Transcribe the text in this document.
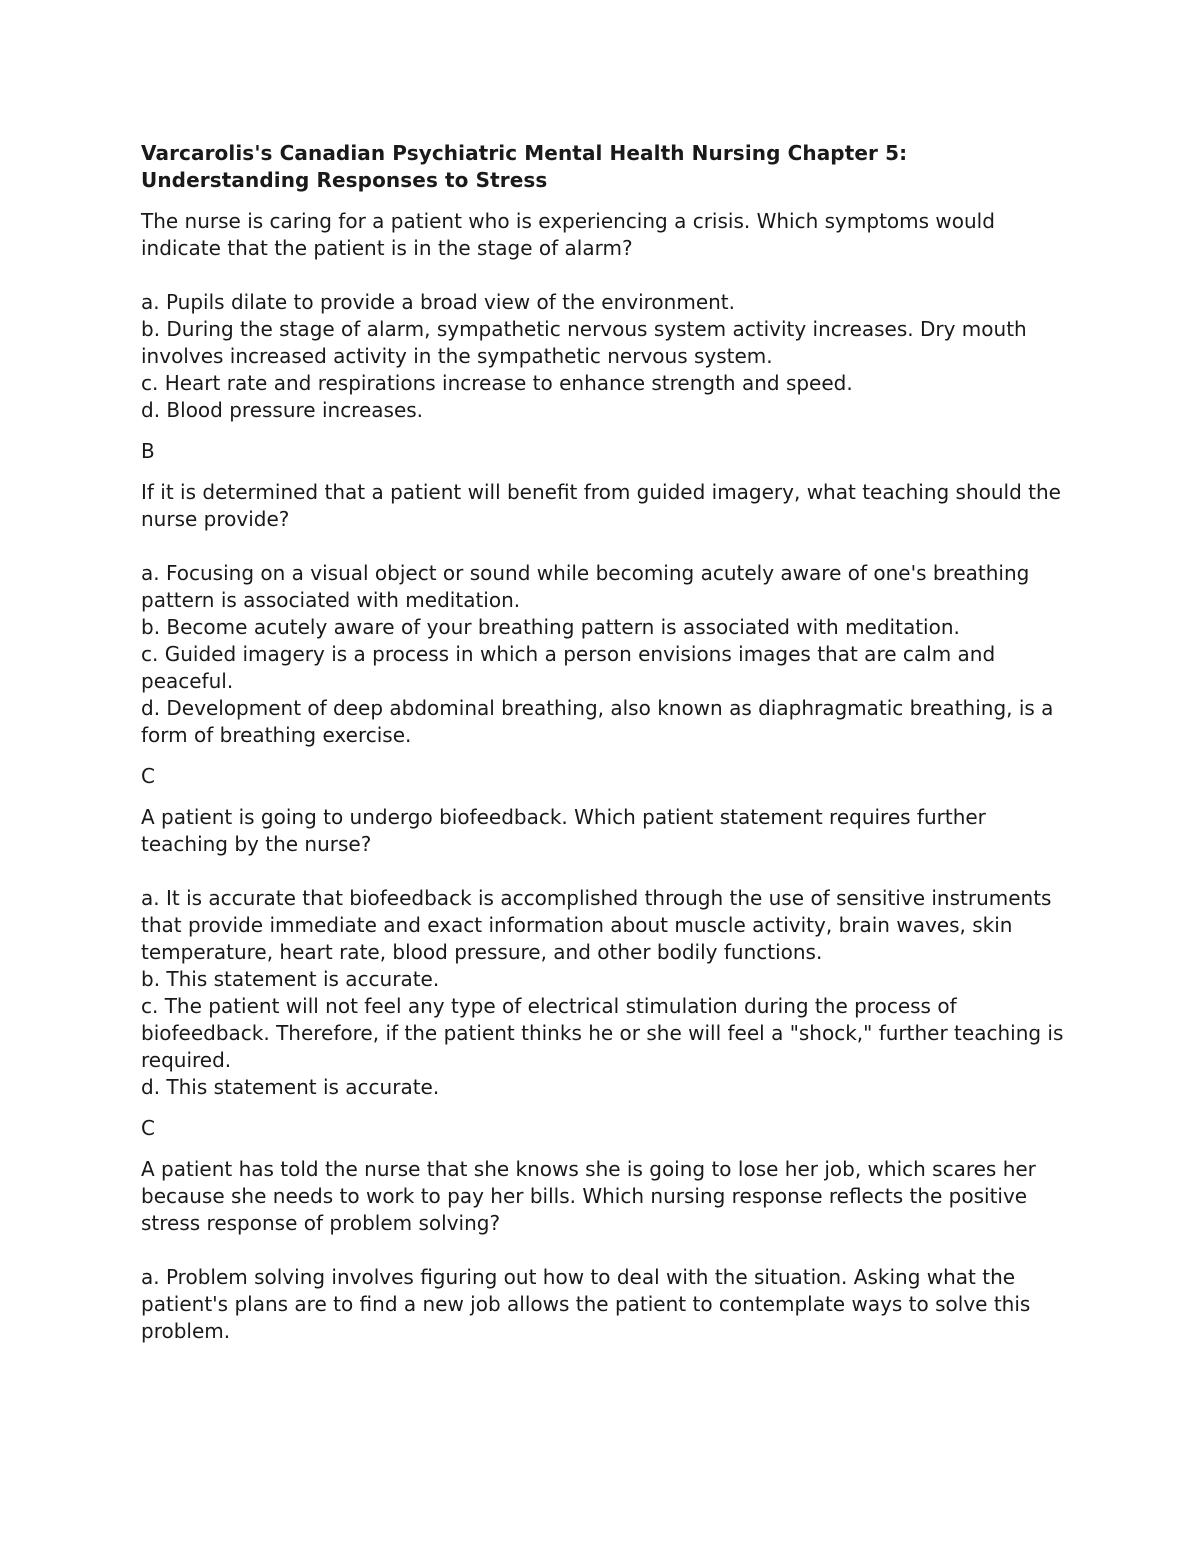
Varcarolis's Canadian Psychiatric Mental Health Nursing Chapter 5: Understanding Responses to Stress
The nurse is caring for a patient who is experiencing a crisis. Which symptoms would indicate that the patient is in the stage of alarm?
a. Pupils dilate to provide a broad view of the environment.
b. During the stage of alarm, sympathetic nervous system activity increases. Dry mouth involves increased activity in the sympathetic nervous system.
c. Heart rate and respirations increase to enhance strength and speed.
d. Blood pressure increases.
B
If it is determined that a patient will benefit from guided imagery, what teaching should the nurse provide?
a. Focusing on a visual object or sound while becoming acutely aware of one's breathing pattern is associated with meditation.
b. Become acutely aware of your breathing pattern is associated with meditation.
c. Guided imagery is a process in which a person envisions images that are calm and peaceful.
d. Development of deep abdominal breathing, also known as diaphragmatic breathing, is a form of breathing exercise.
C
A patient is going to undergo biofeedback. Which patient statement requires further teaching by the nurse?
a. It is accurate that biofeedback is accomplished through the use of sensitive instruments that provide immediate and exact information about muscle activity, brain waves, skin temperature, heart rate, blood pressure, and other bodily functions.
b. This statement is accurate.
c. The patient will not feel any type of electrical stimulation during the process of biofeedback. Therefore, if the patient thinks he or she will feel a "shock," further teaching is required.
d. This statement is accurate.
C
A patient has told the nurse that she knows she is going to lose her job, which scares her because she needs to work to pay her bills. Which nursing response reflects the positive stress response of problem solving?
a. Problem solving involves figuring out how to deal with the situation. Asking what the patient's plans are to find a new job allows the patient to contemplate ways to solve this problem.
